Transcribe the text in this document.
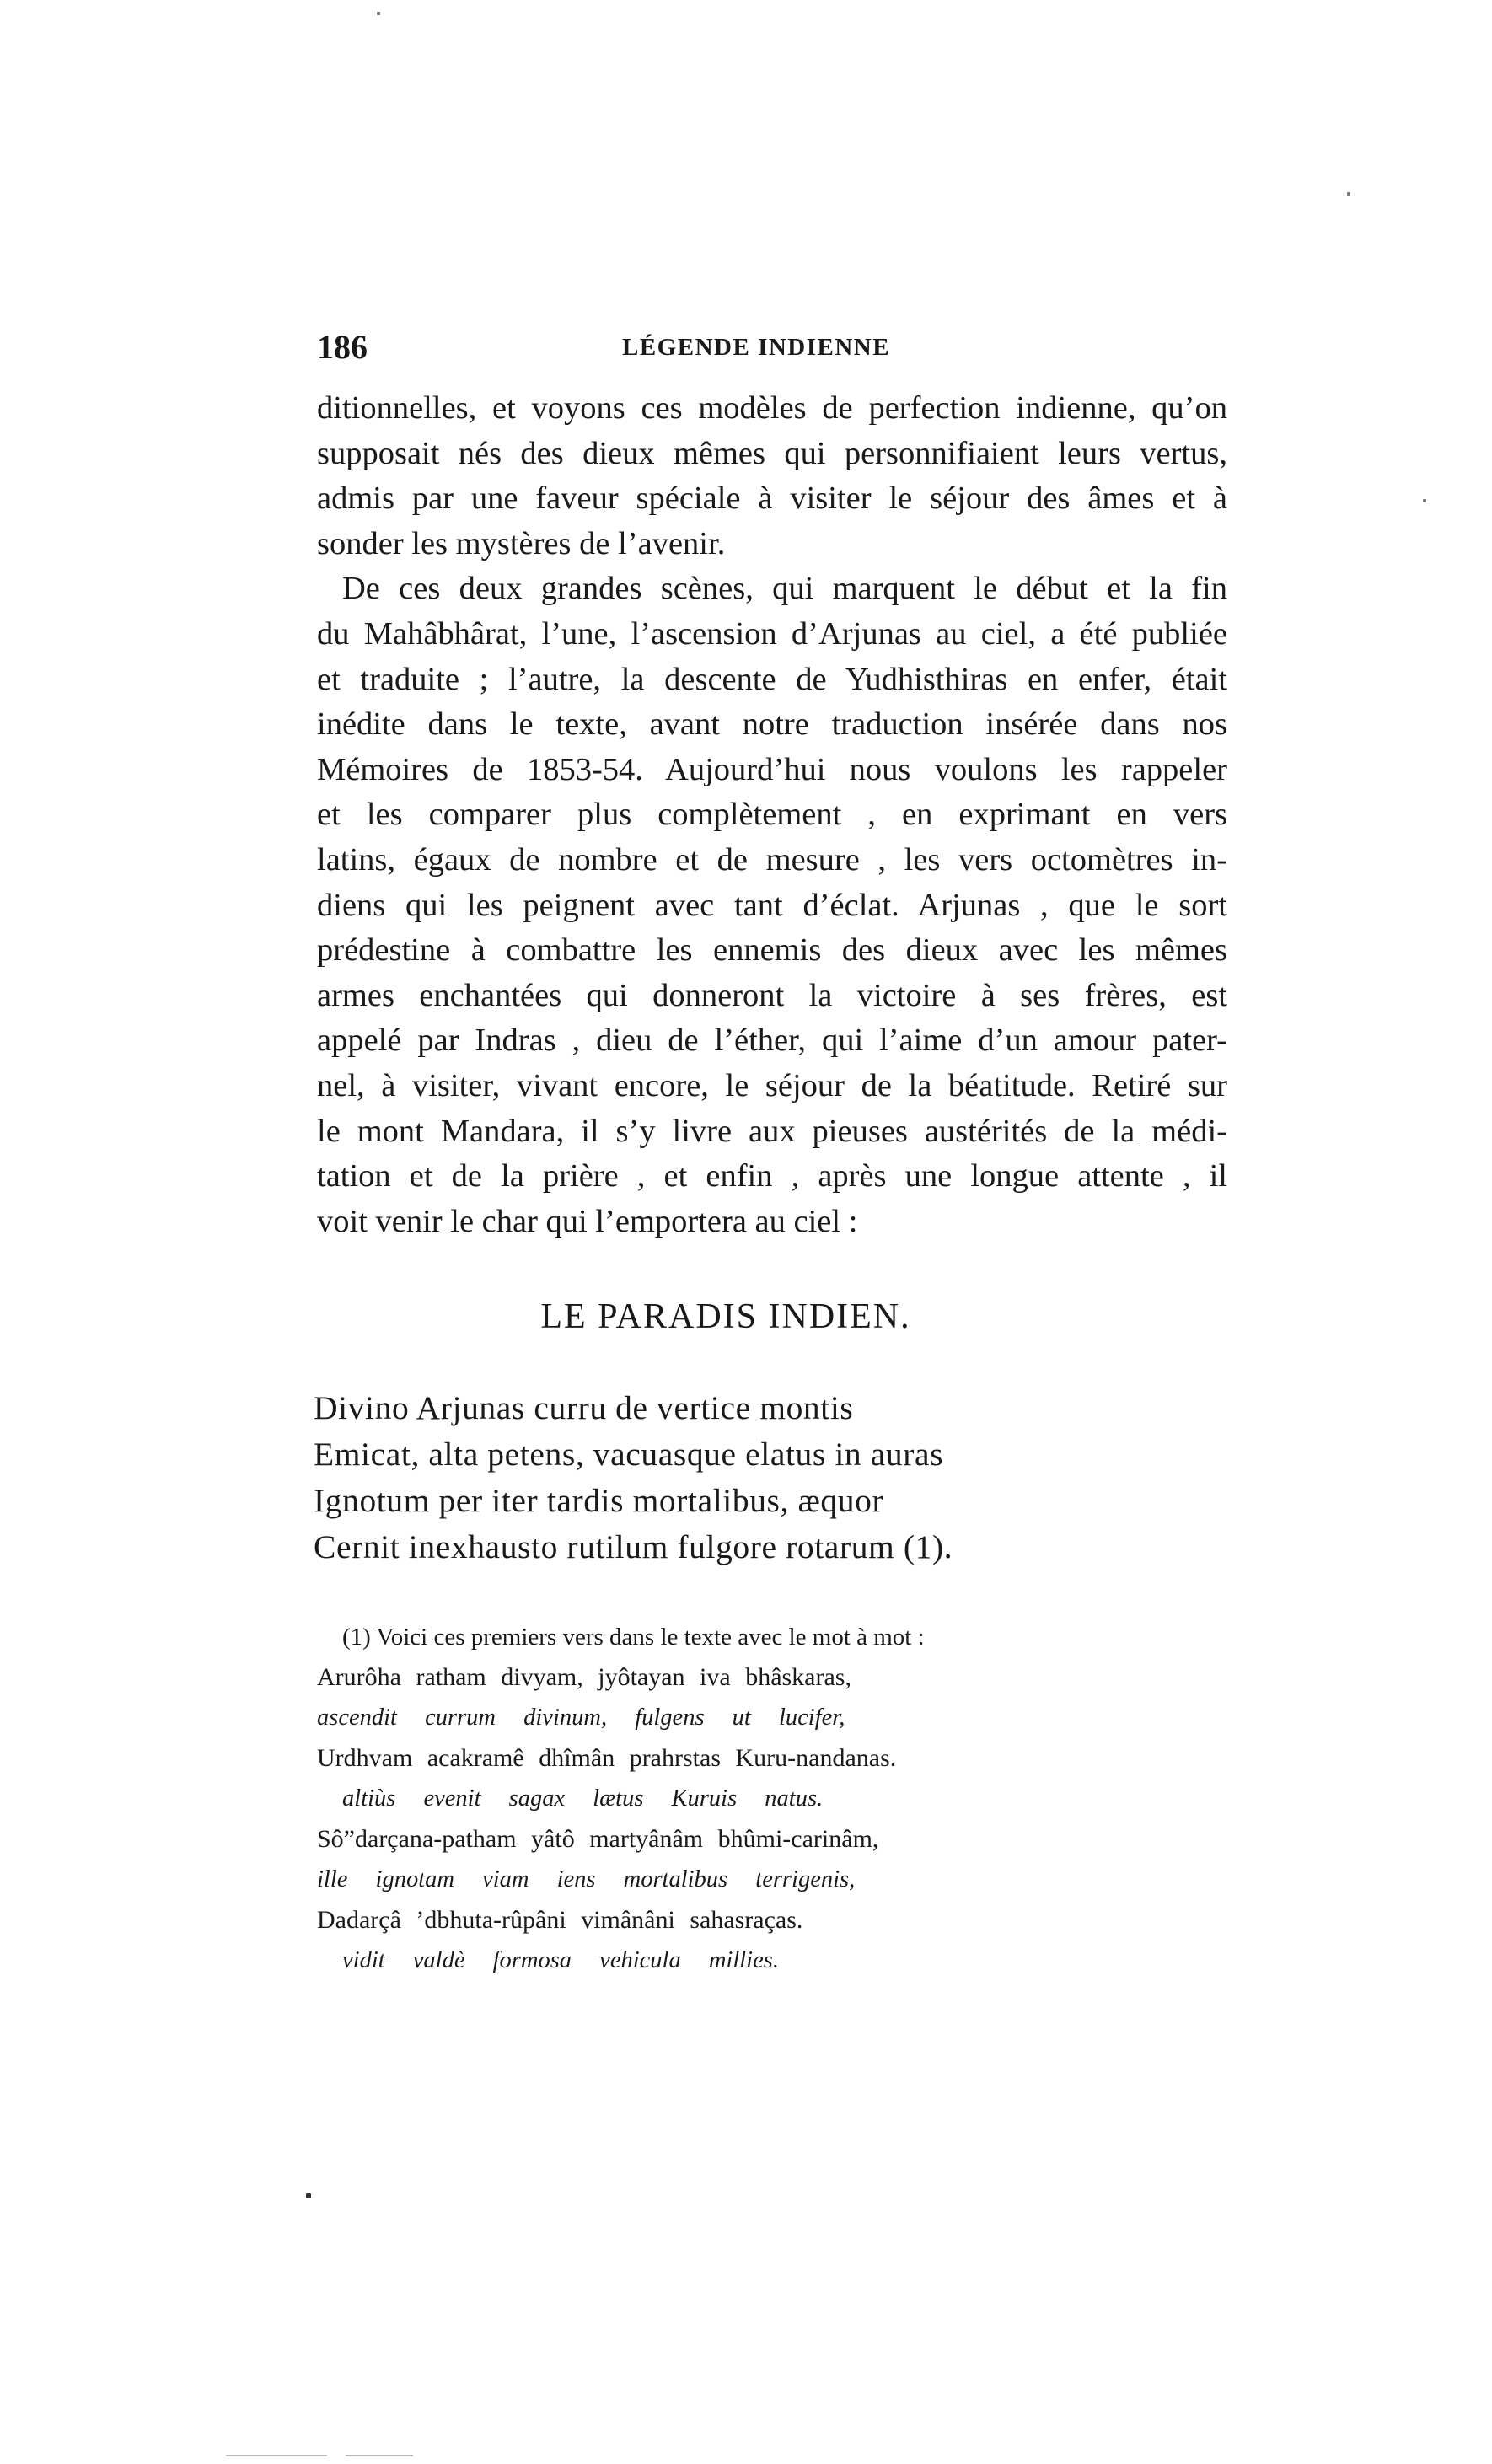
186	LÉGENDE INDIENNE
ditionnelles, et voyons ces modèles de perfection indienne, qu’on
supposait nés des dieux mêmes qui personnifiaient leurs vertus,
admis par une faveur spéciale à visiter le séjour des âmes et à
sonder les mystères de l’avenir.
De ces deux grandes scènes, qui marquent le début et la fin
du Mahâbhârat, l’une, l’ascension d’Arjunas au ciel, a été publiée
et traduite ; l’autre, la descente de Yudhisthiras en enfer, était
inédite dans le texte, avant notre traduction insérée dans nos
Mémoires de 1853-54. Aujourd’hui nous voulons les rappeler
et les comparer plus complètement , en exprimant en vers
latins, égaux de nombre et de mesure , les vers octomètres in-
diens qui les peignent avec tant d’éclat. Arjunas , que le sort
prédestine à combattre les ennemis des dieux avec les mêmes
armes enchantées qui donneront la victoire à ses frères, est
appelé par Indras , dieu de l’éther, qui l’aime d’un amour pater-
nel, à visiter, vivant encore, le séjour de la béatitude. Retiré sur
le mont Mandara, il s’y livre aux pieuses austérités de la médi-
tation et de la prière , et enfin , après une longue attente , il
voit venir le char qui l’emportera au ciel :
LE PARADIS INDIEN.
Divino Arjunas curru de vertice montis
Emicat, alta petens, vacuasque elatus in auras
Ignotum per iter tardis mortalibus, æquor
Cernit inexhausto rutilum fulgore rotarum (1).
(1) Voici ces premiers vers dans le texte avec le mot à mot :
Arurôha ratham divyam, jyôtayan iva bhâskaras,
ascendit currum divinum, fulgens ut lucifer,
Urdhvam acakramê dhîmân prahrstas Kuru-nandanas.
altiùs evenit sagax lætus Kuruis natus.
Sô”darçana-patham yâtô martyânâm bhûmi-carinâm,
ille ignotam viam iens mortalibus terrigenis,
Dadarçâ ’dbhuta-rûpâni vimânâni sahasraças.
vidit valdè formosa vehicula millies.
